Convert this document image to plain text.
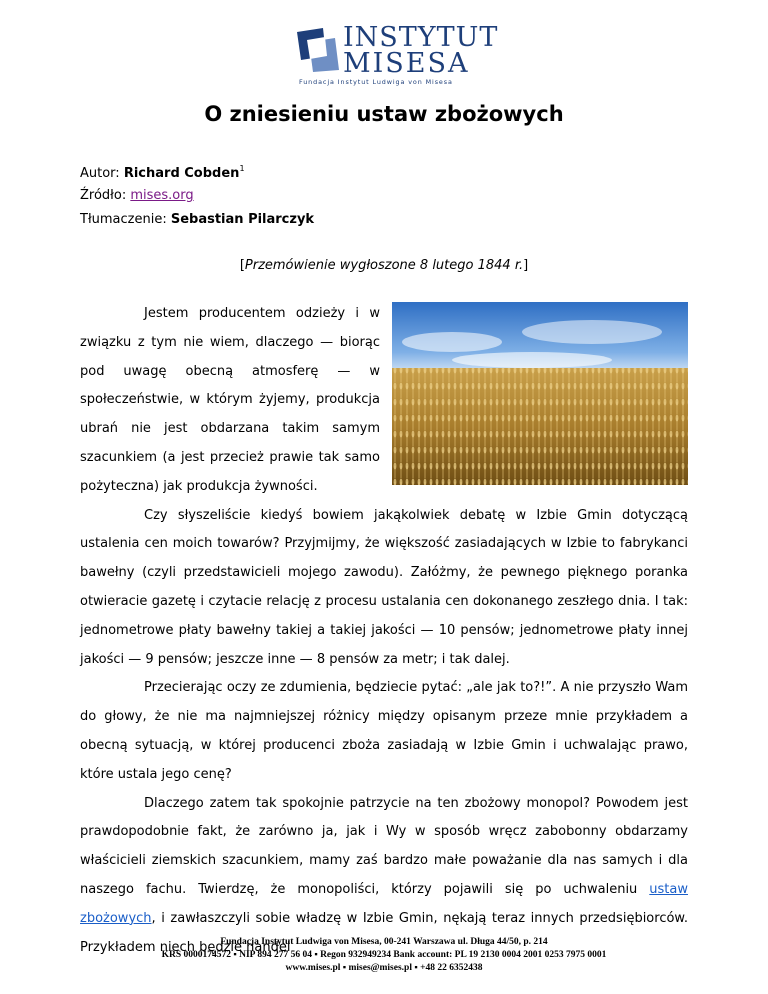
INSTYTUT
MISESA
Fundacja Instytut Ludwiga von Misesa
O zniesieniu ustaw zbożowych
Autor: Richard Cobden$^1$
Źródło: mises.org
Tłumaczenie: Sebastian Pilarczyk
[Przemówienie wygłoszone 8 lutego 1844 r.]

Jestem producentem odzieży i w związku z tym nie wiem, dlaczego — biorąc pod uwagę obecną atmosferę — w społeczeństwie, w którym żyjemy, produkcja ubrań nie jest obdarzana takim samym szacunkiem (a jest przecież prawie tak samo pożyteczna) jak produkcja żywności.

Czy słyszeliście kiedyś bowiem jakąkolwiek debatę w Izbie Gmin dotyczącą ustalenia cen moich towarów? Przyjmijmy, że większość zasiadających w Izbie to fabrykanci bawełny (czyli przedstawicieli mojego zawodu). Załóżmy, że pewnego pięknego poranka otwieracie gazetę i czytacie relację z procesu ustalania cen dokonanego zeszłego dnia. I tak: jednometrowe płaty bawełny takiej a takiej jakości — 10 pensów; jednometrowe płaty innej jakości — 9 pensów; jeszcze inne — 8 pensów za metr; i tak dalej.

Przecierając oczy ze zdumienia, będziecie pytać: „ale jak to?!”. A nie przyszło Wam do głowy, że nie ma najmniejszej różnicy między opisanym przeze mnie przykładem a obecną sytuacją, w której producenci zboża zasiadają w Izbie Gmin i uchwalając prawo, które ustala jego cenę?

Dlaczego zatem tak spokojnie patrzycie na ten zbożowy monopol? Powodem jest prawdopodobnie fakt, że zarówno ja, jak i Wy w sposób wręcz zabobonny obdarzamy właścicieli ziemskich szacunkiem, mamy zaś bardzo małe poważanie dla nas samych i dla naszego fachu. Twierdzę, że monopoliści, którzy pojawili się po uchwaleniu ustaw zbożowych, i zawłaszczyli sobie władzę w Izbie Gmin, nękają teraz innych przedsiębiorców. Przykładem niech będzie handel

Fundacja Instytut Ludwiga von Misesa, 00-241 Warszawa ul. Długa 44/50, p. 214
KRS 0000174572 ▪ NIP 894 277 56 04 ▪ Regon 932949234 Bank account: PL 19 2130 0004 2001 0253 7975 0001
www.mises.pl ▪ mises@mises.pl ▪ +48 22 6352438
